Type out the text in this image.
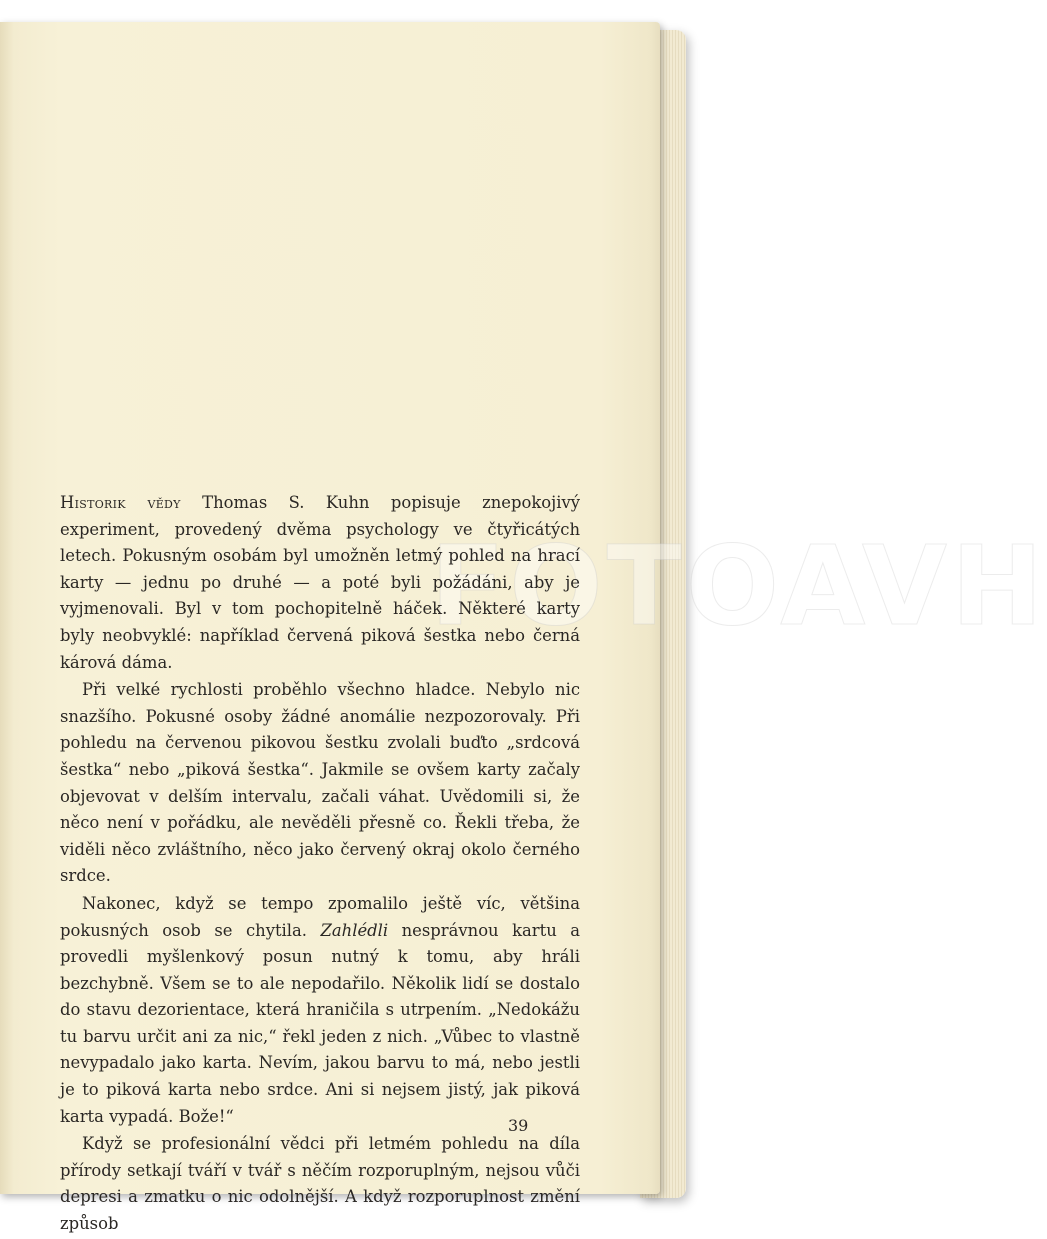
FOTOAVH

Historik vědy Thomas S. Kuhn popisuje znepokojivý experiment, provedený dvěma psychology ve čtyřicátých letech. Pokusným osobám byl umožněn letmý pohled na hrací karty — jednu po druhé — a poté byli požádáni, aby je vyjmenovali. Byl v tom pochopitelně háček. Některé karty byly neobvyklé: například červená piková šestka nebo černá kárová dáma.

Při velké rychlosti proběhlo všechno hladce. Nebylo nic snazšího. Pokusné osoby žádné anomálie nezpozorovaly. Při pohledu na červenou pikovou šestku zvolali buďto „srdcová šestka“ nebo „piková šestka“. Jakmile se ovšem karty začaly objevovat v delším intervalu, začali váhat. Uvědomili si, že něco není v pořádku, ale nevěděli přesně co. Řekli třeba, že viděli něco zvláštního, něco jako červený okraj okolo černého srdce.

Nakonec, když se tempo zpomalilo ještě víc, většina pokusných osob se chytila. Zahlédli nesprávnou kartu a provedli myšlenkový posun nutný k tomu, aby hráli bezchybně. Všem se to ale nepodařilo. Několik lidí se dostalo do stavu dezorientace, která hraničila s utrpením. „Nedokážu tu barvu určit ani za nic,“ řekl jeden z nich. „Vůbec to vlastně nevypadalo jako karta. Nevím, jakou barvu to má, nebo jestli je to piková karta nebo srdce. Ani si nejsem jistý, jak piková karta vypadá. Bože!“

Když se profesionální vědci při letmém pohledu na díla přírody setkají tváří v tvář s něčím rozporuplným, nejsou vůči depresi a zmatku o nic odolnější. A když rozporuplnost změní způsob

39
